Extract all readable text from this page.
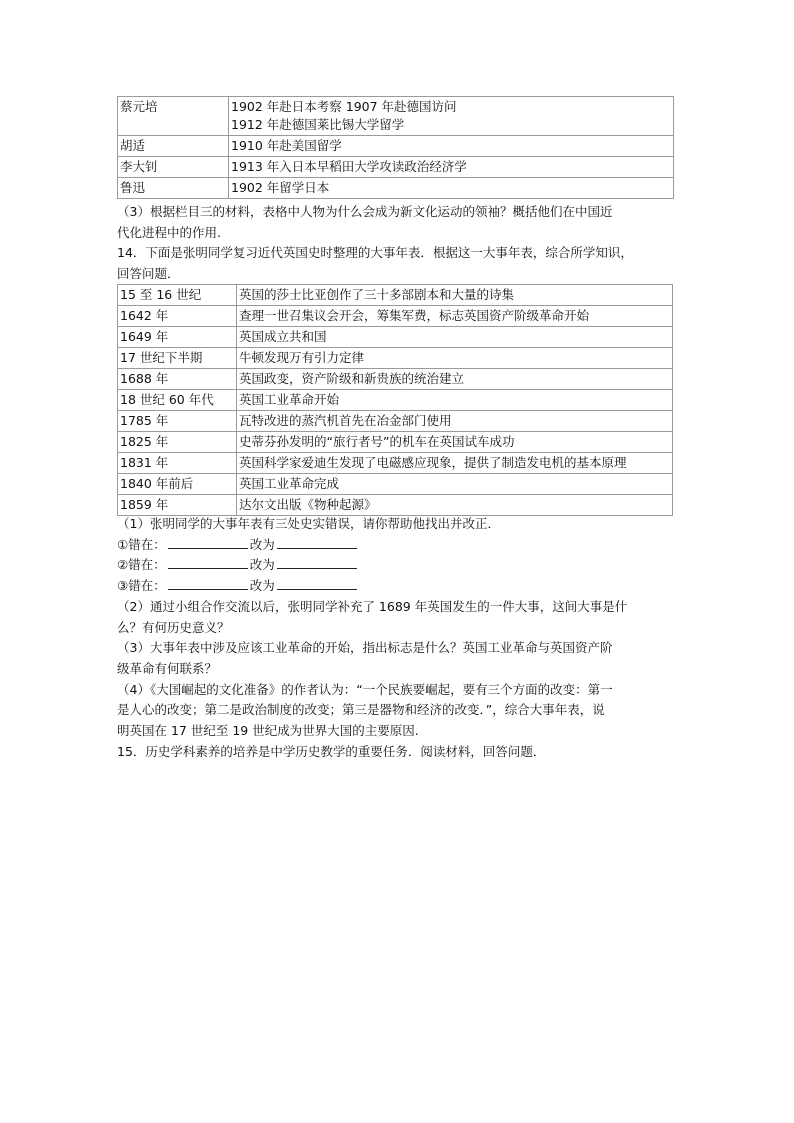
蔡元培	1902 年赴日本考察 1907 年赴德国访问
1912 年赴德国莱比锡大学留学

胡适	1910 年赴美国留学
李大钊	1913 年入日本早稻田大学攻读政治经济学
鲁迅	1902 年留学日本
（3）根据栏目三的材料，表格中人物为什么会成为新文化运动的领袖？概括他们在中国近
代化进程中的作用.
14．下面是张明同学复习近代英国史时整理的大事年表．根据这一大事年表，综合所学知识，
回答问题．
15 至 16 世纪	英国的莎士比亚创作了三十多部剧本和大量的诗集
1642 年	查理一世召集议会开会，筹集军费，标志英国资产阶级革命开始
1649 年	英国成立共和国
17 世纪下半期	牛顿发现万有引力定律
1688 年	英国政变，资产阶级和新贵族的统治建立
18 世纪 60 年代	英国工业革命开始
1785 年	瓦特改进的蒸汽机首先在冶金部门使用
1825 年	史蒂芬孙发明的“旅行者号”的机车在英国试车成功
1831 年	英国科学家爱迪生发现了电磁感应现象，提供了制造发电机的基本原理
1840 年前后	英国工业革命完成
1859 年	达尔文出版《物种起源》
（1）张明同学的大事年表有三处史实错误，请你帮助他找出并改正．
①错在：	改为
②错在：	改为
③错在：	改为
（2）通过小组合作交流以后，张明同学补充了 1689 年英国发生的一件大事，这间大事是什
么？有何历史意义？
（3）大事年表中涉及应该工业革命的开始，指出标志是什么？英国工业革命与英国资产阶
级革命有何联系？
（4）《大国崛起的文化准备》的作者认为：“一个民族要崛起，要有三个方面的改变：第一
是人心的改变；第二是政治制度的改变；第三是器物和经济的改变．”，综合大事年表，说
明英国在 17 世纪至 19 世纪成为世界大国的主要原因.
15．历史学科素养的培养是中学历史教学的重要任务．阅读材料，回答问题．
